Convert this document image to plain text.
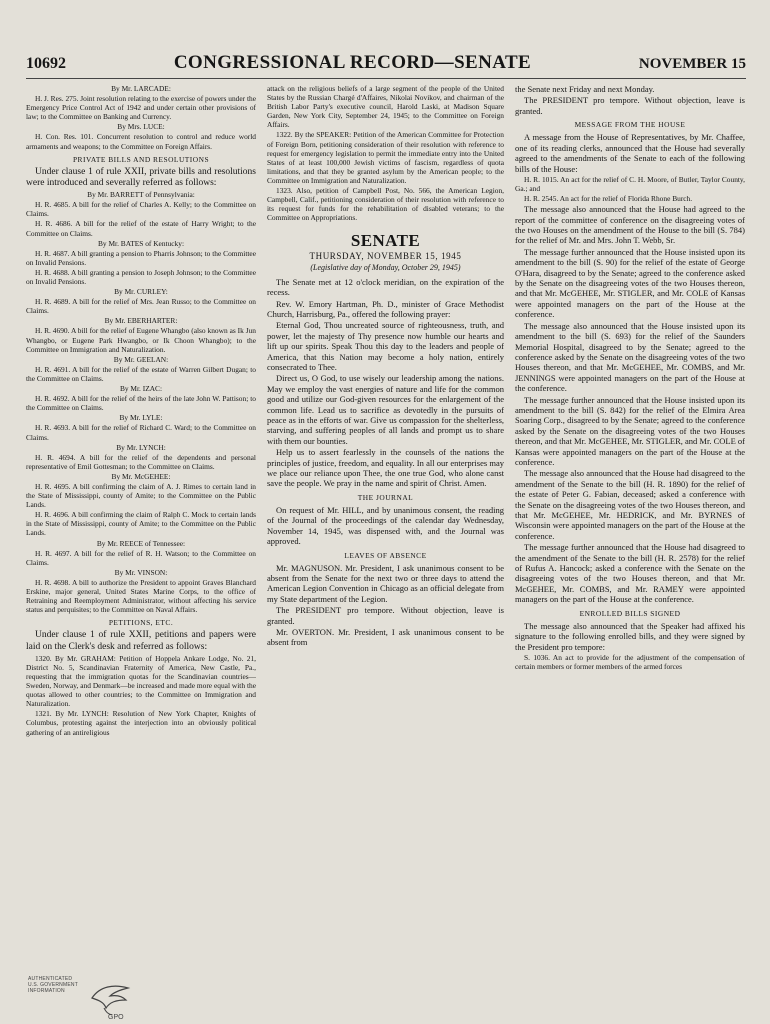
10692	CONGRESSIONAL RECORD—SENATE	NOVEMBER 15

By Mr. LARCADE:

H. J. Res. 275. Joint resolution relating to the exercise of powers under the Emergency Price Control Act of 1942 and under certain other provisions of law; to the Committee on Banking and Currency.

By Mrs. LUCE:

H. Con. Res. 101. Concurrent resolution to control and reduce world armaments and weapons; to the Committee on Foreign Affairs.

PRIVATE BILLS AND RESOLUTIONS

Under clause 1 of rule XXII, private bills and resolutions were introduced and severally referred as follows:

By Mr. BARRETT of Pennsylvania:

H. R. 4685. A bill for the relief of Charles A. Kelly; to the Committee on Claims.

H. R. 4686. A bill for the relief of the estate of Harry Wright; to the Committee on Claims.

By Mr. BATES of Kentucky:

H. R. 4687. A bill granting a pension to Pharris Johnson; to the Committee on Invalid Pensions.

H. R. 4688. A bill granting a pension to Joseph Johnson; to the Committee on Invalid Pensions.

By Mr. CURLEY:

H. R. 4689. A bill for the relief of Mrs. Jean Russo; to the Committee on Claims.

By Mr. EBERHARTER:

H. R. 4690. A bill for the relief of Eugene Whangbo (also known as Ik Jun Whangbo, or Eugene Park Hwangbo, or Ik Choon Whangbo); to the Committee on Immigration and Naturalization.

By Mr. GEELAN:

H. R. 4691. A bill for the relief of the estate of Warren Gilbert Dugan; to the Committee on Claims.

By Mr. IZAC:

H. R. 4692. A bill for the relief of the heirs of the late John W. Pattison; to the Committee on Claims.

By Mr. LYLE:

H. R. 4693. A bill for the relief of Richard C. Ward; to the Committee on Claims.

By Mr. LYNCH:

H. R. 4694. A bill for the relief of the dependents and personal representative of Emil Gottesman; to the Committee on Claims.

By Mr. McGEHEE:

H. R. 4695. A bill confirming the claim of A. J. Rimes to certain land in the State of Mississippi, county of Amite; to the Committee on the Public Lands.

H. R. 4696. A bill confirming the claim of Ralph C. Mock to certain lands in the State of Mississippi, county of Amite; to the Committee on the Public Lands.

By Mr. REECE of Tennessee:

H. R. 4697. A bill for the relief of R. H. Watson; to the Committee on Claims.

By Mr. VINSON:

H. R. 4698. A bill to authorize the President to appoint Graves Blanchard Erskine, major general, United States Marine Corps, to the office of Retraining and Reemployment Administrator, without affecting his service status and perquisites; to the Committee on Naval Affairs.

PETITIONS, ETC.

Under clause 1 of rule XXII, petitions and papers were laid on the Clerk's desk and referred as follows:

1320. By Mr. GRAHAM: Petition of Hoppela Ankare Lodge, No. 21, District No. 5, Scandinavian Fraternity of America, New Castle, Pa., requesting that the immigration quotas for the Scandinavian countries—Sweden, Norway, and Denmark—be increased and made more equal with the quotas allowed to other countries; to the Committee on Immigration and Naturalization.

1321. By Mr. LYNCH: Resolution of New York Chapter, Knights of Columbus, protesting against the interjection into an obviously political gathering of an antireligious

attack on the religious beliefs of a large segment of the people of the United States by the Russian Chargé d'Affaires, Nikolai Novikov, and chairman of the British Labor Party's executive council, Harold Laski, at Madison Square Garden, New York City, September 24, 1945; to the Committee on Foreign Affairs.

1322. By the SPEAKER: Petition of the American Committee for Protection of Foreign Born, petitioning consideration of their resolution with reference to request for emergency legislation to permit the immediate entry into the United States of at least 100,000 Jewish victims of fascism, regardless of quota limitations, and that they be granted asylum by the American people; to the Committee on Immigration and Naturalization.

1323. Also, petition of Campbell Post, No. 566, the American Legion, Campbell, Calif., petitioning consideration of their resolution with reference to its request for funds for the rehabilitation of disabled veterans; to the Committee on Appropriations.

SENATE
THURSDAY, NOVEMBER 15, 1945
(Legislative day of Monday, October 29, 1945)

The Senate met at 12 o'clock meridian, on the expiration of the recess.

Rev. W. Emory Hartman, Ph. D., minister of Grace Methodist Church, Harrisburg, Pa., offered the following prayer:

Eternal God, Thou uncreated source of righteousness, truth, and power, let the majesty of Thy presence now humble our hearts and lift up our spirits. Speak Thou this day to the leaders and people of America, that this Nation may become a holy nation, entirely consecrated to Thee.

Direct us, O God, to use wisely our leadership among the nations. May we employ the vast energies of nature and life for the common good and utilize our God-given resources for the enlargement of the common life. Lead us to sacrifice as devotedly in the pursuits of peace as in the efforts of war. Give us compassion for the shelterless, starving, and suffering peoples of all lands and prompt us to share with them our bounties.

Help us to assert fearlessly in the counsels of the nations the principles of justice, freedom, and equality. In all our enterprises may we place our reliance upon Thee, the one true God, who alone canst save the people. We pray in the name and spirit of Christ. Amen.

THE JOURNAL

On request of Mr. HILL, and by unanimous consent, the reading of the Journal of the proceedings of the calendar day Wednesday, November 14, 1945, was dispensed with, and the Journal was approved.

LEAVES OF ABSENCE

Mr. MAGNUSON. Mr. President, I ask unanimous consent to be absent from the Senate for the next two or three days to attend the American Legion Convention in Chicago as an official delegate from my State department of the Legion.

The PRESIDENT pro tempore. Without objection, leave is granted.

Mr. OVERTON. Mr. President, I ask unanimous consent to be absent from

the Senate next Friday and next Monday.

The PRESIDENT pro tempore. Without objection, leave is granted.

MESSAGE FROM THE HOUSE

A message from the House of Representatives, by Mr. Chaffee, one of its reading clerks, announced that the House had severally agreed to the amendments of the Senate to each of the following bills of the House:

H. R. 1015. An act for the relief of C. H. Moore, of Butler, Taylor County, Ga.; and

H. R. 2545. An act for the relief of Florida Rhone Burch.

The message also announced that the House had agreed to the report of the committee of conference on the disagreeing votes of the two Houses on the amendment of the House to the bill (S. 784) for the relief of Mr. and Mrs. John T. Webb, Sr.

The message further announced that the House insisted upon its amendment to the bill (S. 90) for the relief of the estate of George O'Hara, disagreed to by the Senate; agreed to the conference asked by the Senate on the disagreeing votes of the two Houses thereon, and that Mr. McGEHEE, Mr. STIGLER, and Mr. COLE of Kansas were appointed managers on the part of the House at the conference.

The message also announced that the House insisted upon its amendment to the bill (S. 693) for the relief of the Saunders Memorial Hospital, disagreed to by the Senate; agreed to the conference asked by the Senate on the disagreeing votes of the two Houses thereon, and that Mr. McGEHEE, Mr. COMBS, and Mr. JENNINGS were appointed managers on the part of the House at the conference.

The message further announced that the House insisted upon its amendment to the bill (S. 842) for the relief of the Elmira Area Soaring Corp., disagreed to by the Senate; agreed to the conference asked by the Senate on the disagreeing votes of the two Houses thereon, and that Mr. McGEHEE, Mr. STIGLER, and Mr. COLE of Kansas were appointed managers on the part of the House at the conference.

The message also announced that the House had disagreed to the amendment of the Senate to the bill (H. R. 1890) for the relief of the estate of Peter G. Fabian, deceased; asked a conference with the Senate on the disagreeing votes of the two Houses thereon, and that Mr. McGEHEE, Mr. HEDRICK, and Mr. BYRNES of Wisconsin were appointed managers on the part of the House at the conference.

The message further announced that the House had disagreed to the amendment of the Senate to the bill (H. R. 2578) for the relief of Rufus A. Hancock; asked a conference with the Senate on the disagreeing votes of the two Houses thereon, and that Mr. McGEHEE, Mr. COMBS, and Mr. RAMEY were appointed managers on the part of the House at the conference.

ENROLLED BILLS SIGNED

The message also announced that the Speaker had affixed his signature to the following enrolled bills, and they were signed by the President pro tempore:

S. 1036. An act to provide for the adjustment of the compensation of certain members or former members of the armed forces

AUTHENTICATED
U.S. GOVERNMENT
INFORMATION
GPO
